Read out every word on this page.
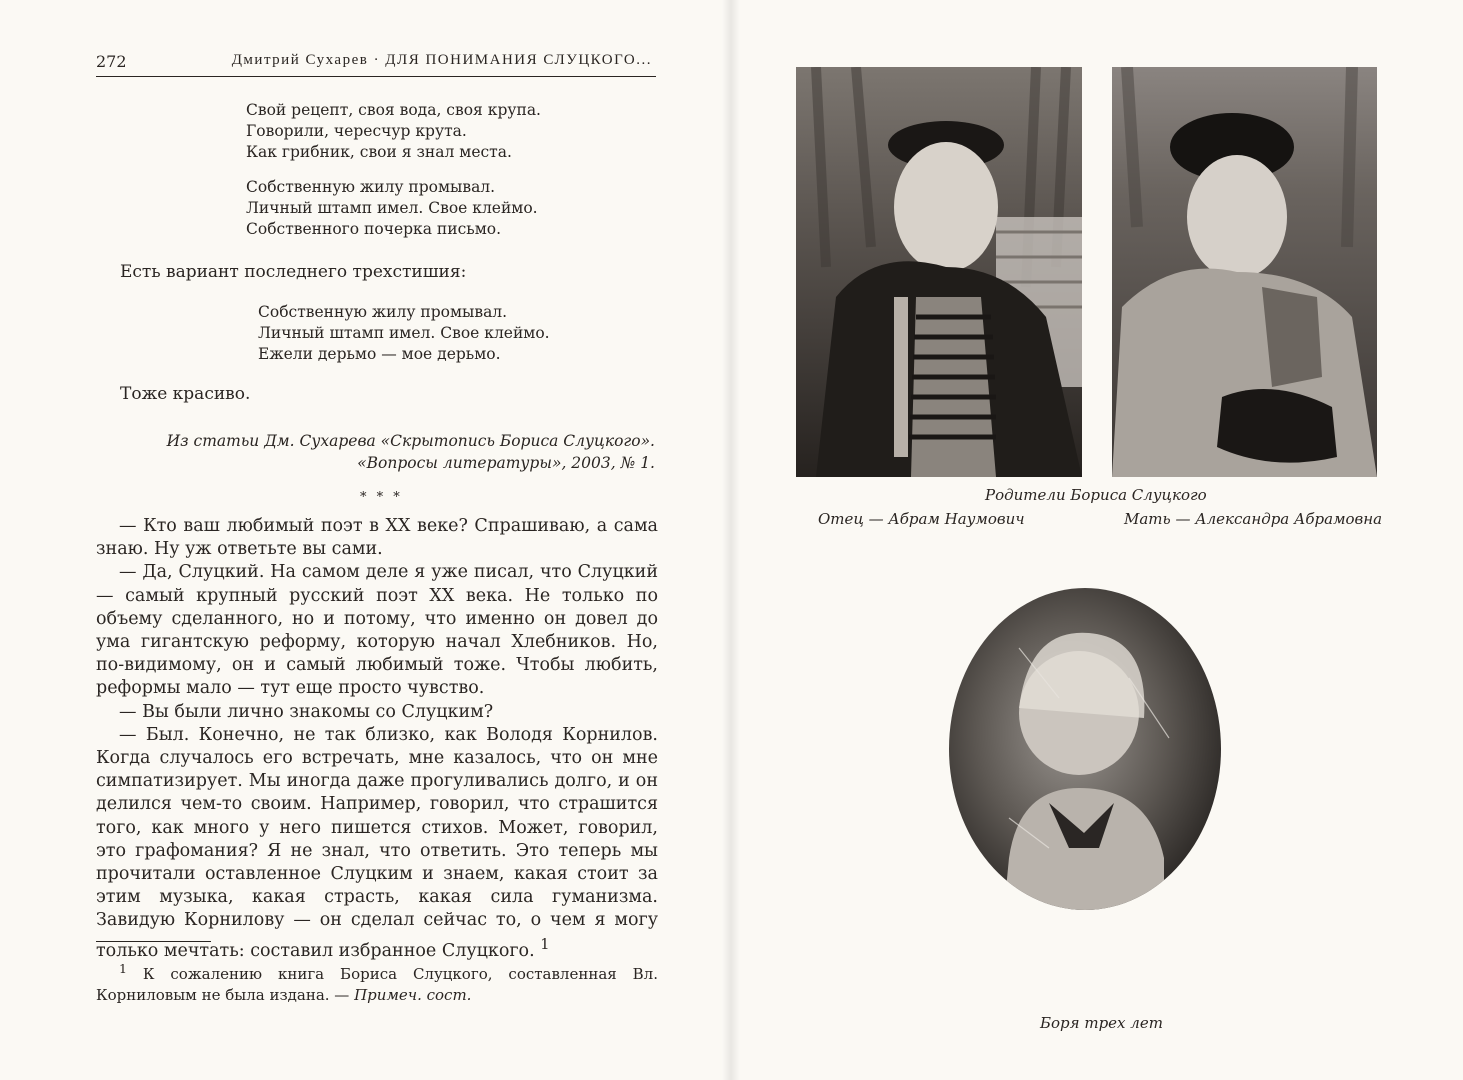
272	Дмитрий Сухарев · ДЛЯ ПОНИМАНИЯ СЛУЦКОГО...
Свой рецепт, своя вода, своя крупа.
Говорили, чересчур крута.
Как грибник, свои я знал места.
Собственную жилу промывал.
Личный штамп имел. Свое клеймо.
Собственного почерка письмо.
Есть вариант последнего трехстишия:
Собственную жилу промывал.
Личный штамп имел. Свое клеймо.
Ежели дерьмо — мое дерьмо.
Тоже красиво.
Из статьи Дм. Сухарева «Скрытопись Бориса Слуцкого».
«Вопросы литературы», 2003, № 1.
* * *

— Кто ваш любимый поэт в XX веке? Спрашиваю, а сама знаю. Ну уж ответьте вы сами.

— Да, Слуцкий. На самом деле я уже писал, что Слуцкий — самый крупный русский поэт XX века. Не только по объему сделанного, но и потому, что именно он довел до ума гигантскую реформу, которую начал Хлебников. Но, по-видимому, он и самый любимый тоже. Чтобы любить, реформы мало — тут еще просто чувство.

— Вы были лично знакомы со Слуцким?

— Был. Конечно, не так близко, как Володя Корнилов. Когда случалось его встречать, мне казалось, что он мне симпатизирует. Мы иногда даже прогуливались долго, и он делился чем-то своим. Например, говорил, что страшится того, как много у него пишется стихов. Может, говорил, это графомания? Я не знал, что ответить. Это теперь мы прочитали оставленное Слуцким и знаем, какая стоит за этим музыка, какая страсть, какая сила гуманизма. Завидую Корнилову — он сделал сейчас то, о чем я могу только мечтать: составил избранное Слуцкого. $^1$

$^1$ К сожалению книга Бориса Слуцкого, составленная Вл. Корниловым не была издана. — Примеч. сост.
Родители Бориса Слуцкого
Отец — Абрам Наумович	Мать — Александра Абрамовна
Боря трех лет
